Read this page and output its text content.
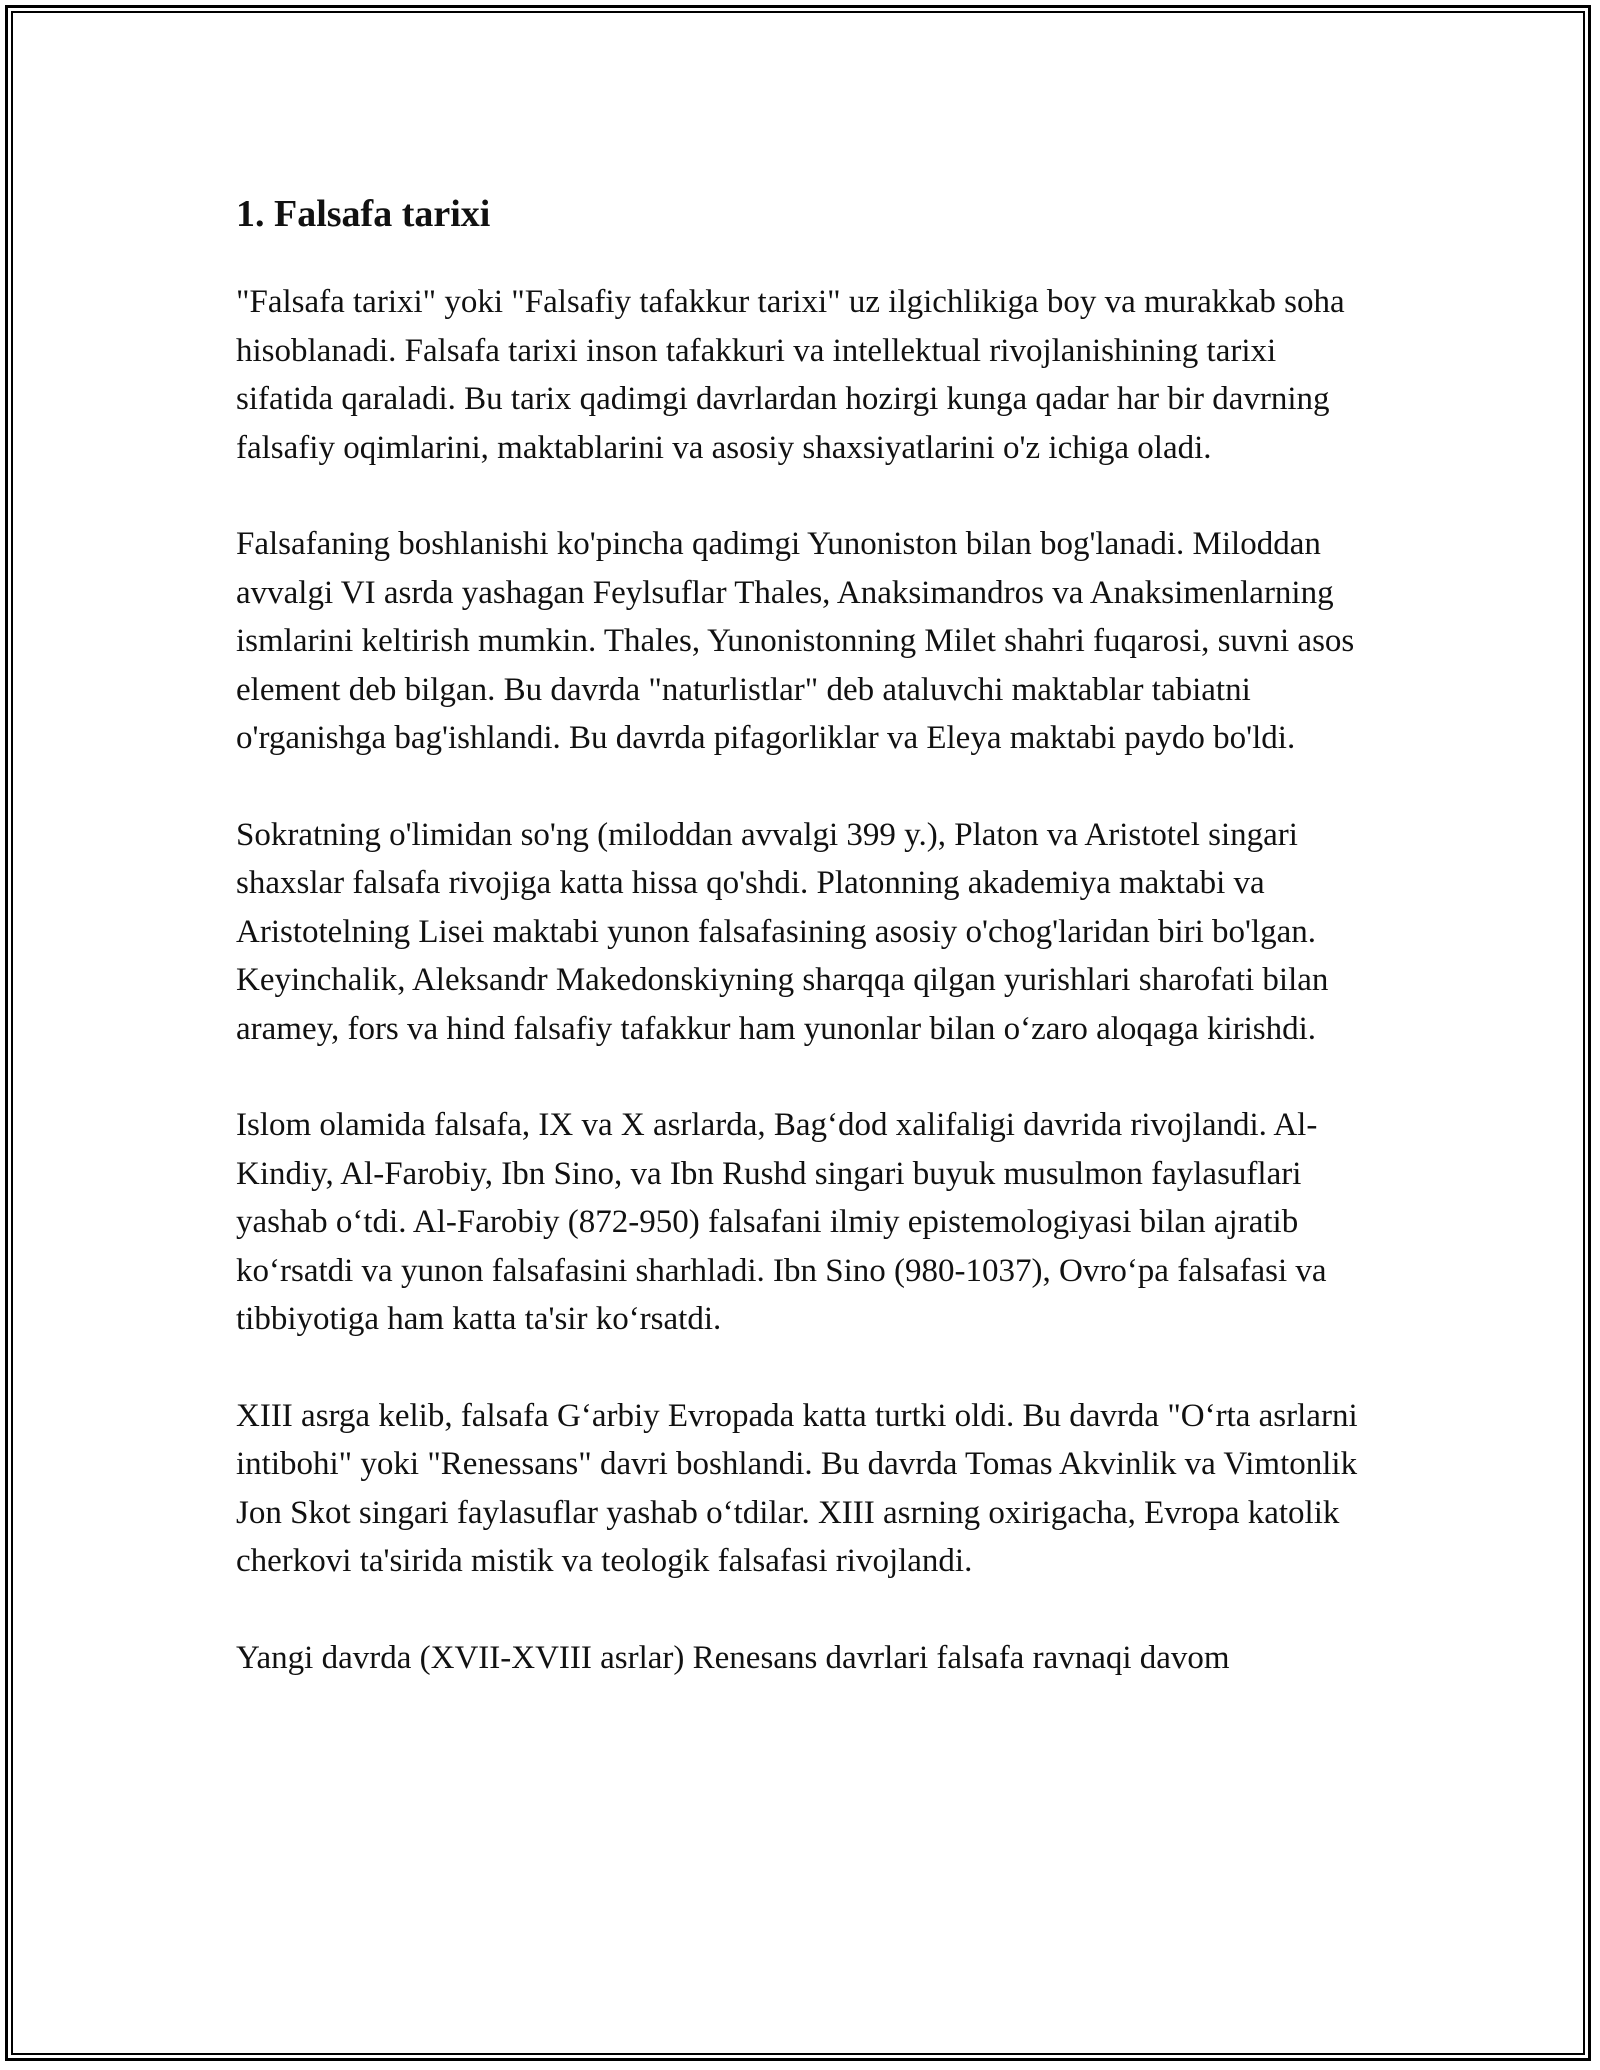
1. Falsafa tarixi

"Falsafa tarixi" yoki "Falsafiy tafakkur tarixi" uz ilgichlikiga boy va murakkab soha hisoblanadi. Falsafa tarixi inson tafakkuri va intellektual rivojlanishining tarixi sifatida qaraladi. Bu tarix qadimgi davrlardan hozirgi kunga qadar har bir davrning falsafiy oqimlarini, maktablarini va asosiy shaxsiyatlarini o'z ichiga oladi.

Falsafaning boshlanishi ko'pincha qadimgi Yunoniston bilan bog'lanadi. Miloddan avvalgi VI asrda yashagan Feylsuflar Thales, Anaksimandros va Anaksimenlarning ismlarini keltirish mumkin. Thales, Yunonistonning Milet shahri fuqarosi, suvni asos element deb bilgan. Bu davrda "naturlistlar" deb ataluvchi maktablar tabiatni o'rganishga bag'ishlandi. Bu davrda pifagorliklar va Eleya maktabi paydo bo'ldi.

Sokratning o'limidan so'ng (miloddan avvalgi 399 y.), Platon va Aristotel singari shaxslar falsafa rivojiga katta hissa qo'shdi. Platonning akademiya maktabi va Aristotelning Lisei maktabi yunon falsafasining asosiy o'chog'laridan biri bo'lgan. Keyinchalik, Aleksandr Makedonskiyning sharqqa qilgan yurishlari sharofati bilan aramey, fors va hind falsafiy tafakkur ham yunonlar bilan o‘zaro aloqaga kirishdi.

Islom olamida falsafa, IX va X asrlarda, Bag‘dod xalifaligi davrida rivojlandi. Al-Kindiy, Al-Farobiy, Ibn Sino, va Ibn Rushd singari buyuk musulmon faylasuflari yashab o‘tdi. Al-Farobiy (872-950) falsafani ilmiy epistemologiyasi bilan ajratib ko‘rsatdi va yunon falsafasini sharhladi. Ibn Sino (980-1037), Ovro‘pa falsafasi va tibbiyotiga ham katta ta'sir ko‘rsatdi.

XIII asrga kelib, falsafa G‘arbiy Evropada katta turtki oldi. Bu davrda "O‘rta asrlarni intibohi" yoki "Renessans" davri boshlandi. Bu davrda Tomas Akvinlik va Vimtonlik Jon Skot singari faylasuflar yashab o‘tdilar. XIII asrning oxirigacha, Evropa katolik cherkovi ta'sirida mistik va teologik falsafasi rivojlandi.

Yangi davrda (XVII-XVIII asrlar) Renesans davrlari falsafa ravnaqi davom
